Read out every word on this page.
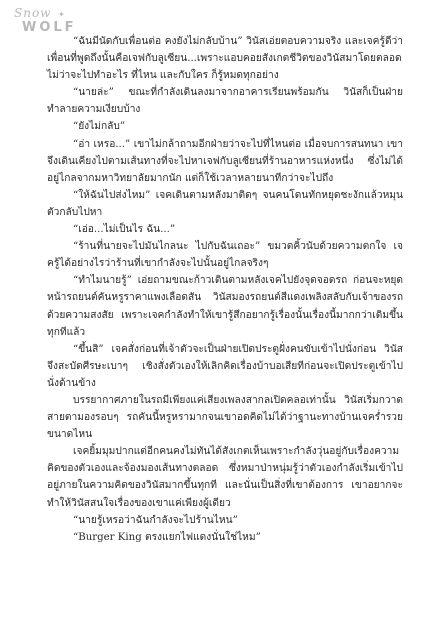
Snow ✦
WOLF

“ฉันมีนัดกับเพื่อนต่อ คงยังไม่กลับบ้าน” วินัสเอ่ยตอบความจริง และเจครู้ดีว่าเพื่อนที่พูดถึงนั้นคือเจฟกับลูเซียน...เพราะแอบคอยสังเกตชีวิตของวินัสมาโดยตลอด ไม่ว่าจะไปทำอะไร ที่ไหน และกับใคร ก็รู้หมดทุกอย่าง

“นายล่ะ” ขณะที่กำลังเดินลงมาจากอาคารเรียนพร้อมกัน วินัสก็เป็นฝ่ายทำลายความเงียบบ้าง

“ยังไม่กลับ”

“อ่า เหรอ...” เขาไม่กล้าถามอีกฝ่ายว่าจะไปที่ไหนต่อ เมื่อจบการสนทนา เขาจึงเดินเคียงไปตามเส้นทางที่จะไปหาเจฟกับลูเซียนที่ร้านอาหารแห่งหนึ่ง ซึ่งไม่ได้อยู่ไกลจากมหาวิทยาลัยมากนัก แต่ก็ใช้เวลาหลายนาทีกว่าจะไปถึง

“ให้ฉันไปส่งไหม” เจคเดินตามหลังมาติดๆ จนคนโดนทักหยุดชะงักแล้วหมุนตัวกลับไปหา

“เอ่อ...ไม่เป็นไร ฉัน...”

“ร้านที่นายจะไปมันไกลนะ ไปกับฉันเถอะ” ขมวดคิ้วนับด้วยความตกใจ เจครู้ได้อย่างไรว่าร้านที่เขากำลังจะไปนั้นอยู่ไกลจริงๆ

“ทำไมนายรู้” เอ่ยถามขณะก้าวเดินตามหลังเจคไปยังจุดจอดรถ ก่อนจะหยุดหน้ารถยนต์คันหรูราคาแพงเลือดสัน วินัสมองรถยนต์สีแดงเพลิงสลับกับเจ้าของรถด้วยความสงสัย เพราะเจคกำลังทำให้เขารู้สึกอยากรู้เรื่องนั้นเรื่องนี้มากกว่าเดิมขึ้นทุกทีแล้ว

“ขึ้นสิ” เจคสั่งก่อนที่เจ้าตัวจะเป็นฝ่ายเปิดประตูฝั่งคนขับเข้าไปนั่งก่อน วินัสจึงสะบัดศีรษะเบาๆ เชิงสั่งตัวเองให้เลิกคิดเรื่องบ้าบอเสียทีก่อนจะเปิดประตูเข้าไปนั่งด้านข้าง

บรรยากาศภายในรถมีเพียงแค่เสียงเพลงสากลเปิดคลอเท่านั้น วินัสเริ่มกวาดสายตามองรอบๆ รถคันนี้หรูหรามากจนเขาอดคิดไม่ได้ว่าฐานะทางบ้านเจครํ่ารวยขนาดไหน

เจคยิ้มมุมปากแต่อีกคนคงไม่ทันได้สังเกตเห็นเพราะกำลังวุ่นอยู่กับเรื่องความคิดของตัวเองและจ้องมองเส้นทางตลอด ซึ่งหมาป่าหนุ่มรู้ว่าตัวเองกำลังเริ่มเข้าไปอยู่ภายในความคิดของวินัสมากขึ้นทุกที และนั่นเป็นสิ่งที่เขาต้องการ เขาอยากจะทำให้วินัสสนใจเรื่องของเขาแค่เพียงผู้เดียว

“นายรู้เหรอว่าฉันกำลังจะไปร้านไหน”

“Burger King ตรงแยกไฟแดงนั่นใช่ไหม”
